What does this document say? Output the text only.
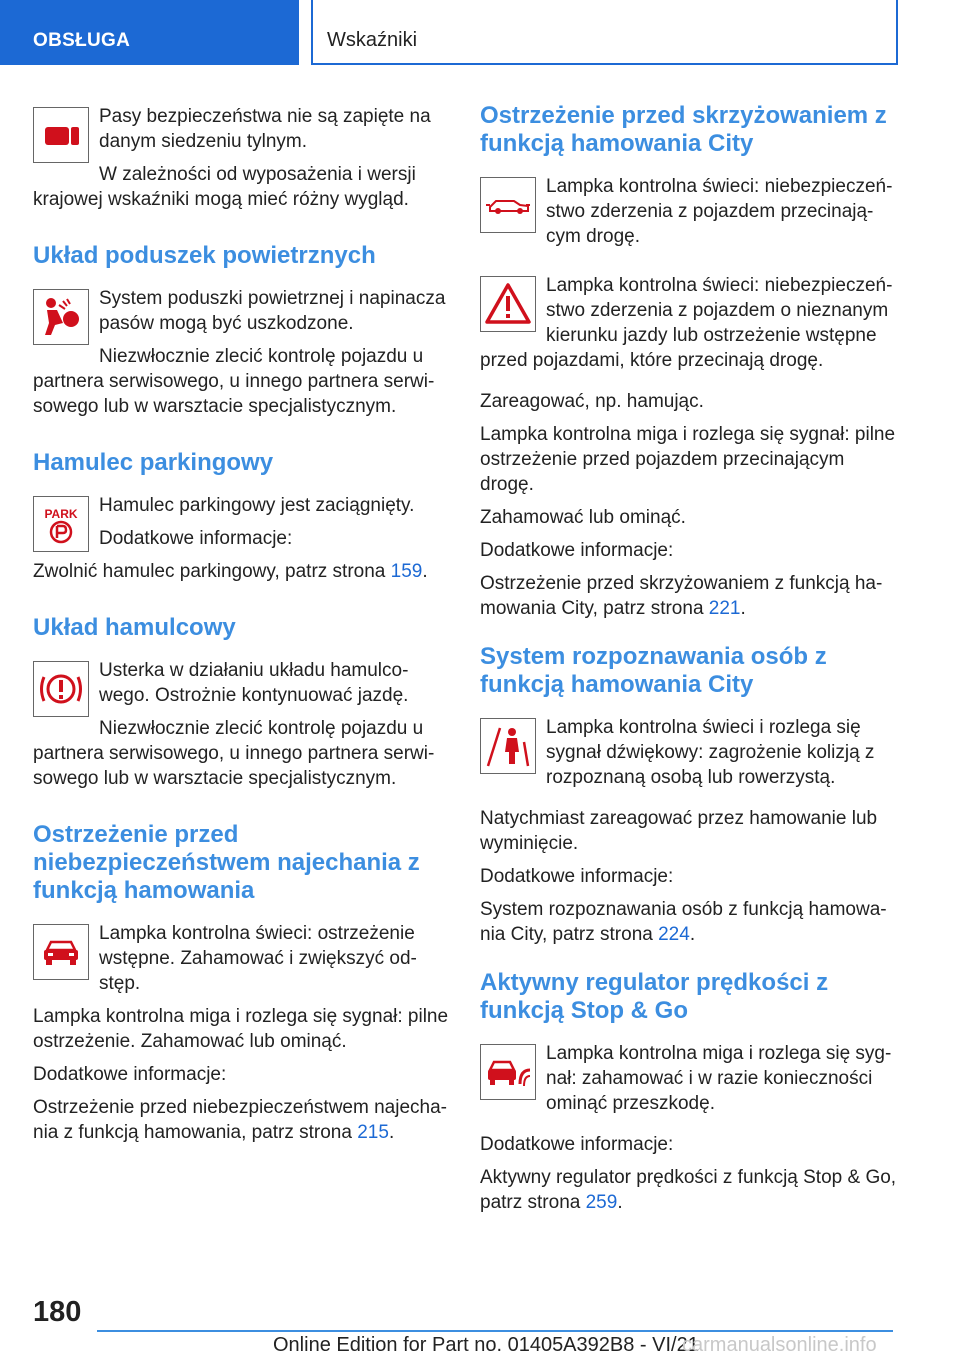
OBSŁUGA	Wskaźniki

Pasy bezpieczeństwa nie są zapięte na danym siedzeniu tylnym.

W zależności od wyposażenia i wersji krajowej wskaźniki mogą mieć różny wygląd.

Układ poduszek powietrznych

System poduszki powietrznej i napinacza pasów mogą być uszkodzone.

Niezwłocznie zlecić kontrolę pojazdu u partnera serwisowego, u innego partnera serwi-sowego lub w warsztacie specjalistycznym.

Hamulec parkingowy
PARK	Hamulec parkingowy jest zaciągnięty.

Dodatkowe informacje:

Zwolnić hamulec parkingowy, patrz strona 159.

Układ hamulcowy

Usterka w działaniu układu hamulco-wego. Ostrożnie kontynuować jazdę.

Niezwłocznie zlecić kontrolę pojazdu u partnera serwisowego, u innego partnera serwi-sowego lub w warsztacie specjalistycznym.

Ostrzeżenie przed niebezpieczeństwem najechania z funkcją hamowania

Lampka kontrolna świeci: ostrzeżenie wstępne. Zahamować i zwiększyć od-stęp.

Lampka kontrolna miga i rozlega się sygnał: pilne ostrzeżenie. Zahamować lub ominąć.

Dodatkowe informacje:

Ostrzeżenie przed niebezpieczeństwem najecha-nia z funkcją hamowania, patrz strona 215.

Ostrzeżenie przed skrzyżowaniem z funkcją hamowania City

Lampka kontrolna świeci: niebezpieczeń-stwo zderzenia z pojazdem przecinają-cym drogę.

Lampka kontrolna świeci: niebezpieczeń-stwo zderzenia z pojazdem o nieznanym kierunku jazdy lub ostrzeżenie wstępne przed pojazdami, które przecinają drogę.

Zareagować, np. hamując.

Lampka kontrolna miga i rozlega się sygnał: pilne ostrzeżenie przed pojazdem przecinającym drogę.

Zahamować lub ominąć.

Dodatkowe informacje:

Ostrzeżenie przed skrzyżowaniem z funkcją ha-mowania City, patrz strona 221.

System rozpoznawania osób z funkcją hamowania City

Lampka kontrolna świeci i rozlega się sygnał dźwiękowy: zagrożenie kolizją z rozpoznaną osobą lub rowerzystą.

Natychmiast zareagować przez hamowanie lub wyminięcie.

Dodatkowe informacje:

System rozpoznawania osób z funkcją hamowa-nia City, patrz strona 224.

Aktywny regulator prędkości z funkcją Stop & Go

Lampka kontrolna miga i rozlega się syg-nał: zahamować i w razie konieczności ominąć przeszkodę.

Dodatkowe informacje:

Aktywny regulator prędkości z funkcją Stop & Go, patrz strona 259.

180
Online Edition for Part no. 01405A392B8 - VI/21
carmanualsonline.info
